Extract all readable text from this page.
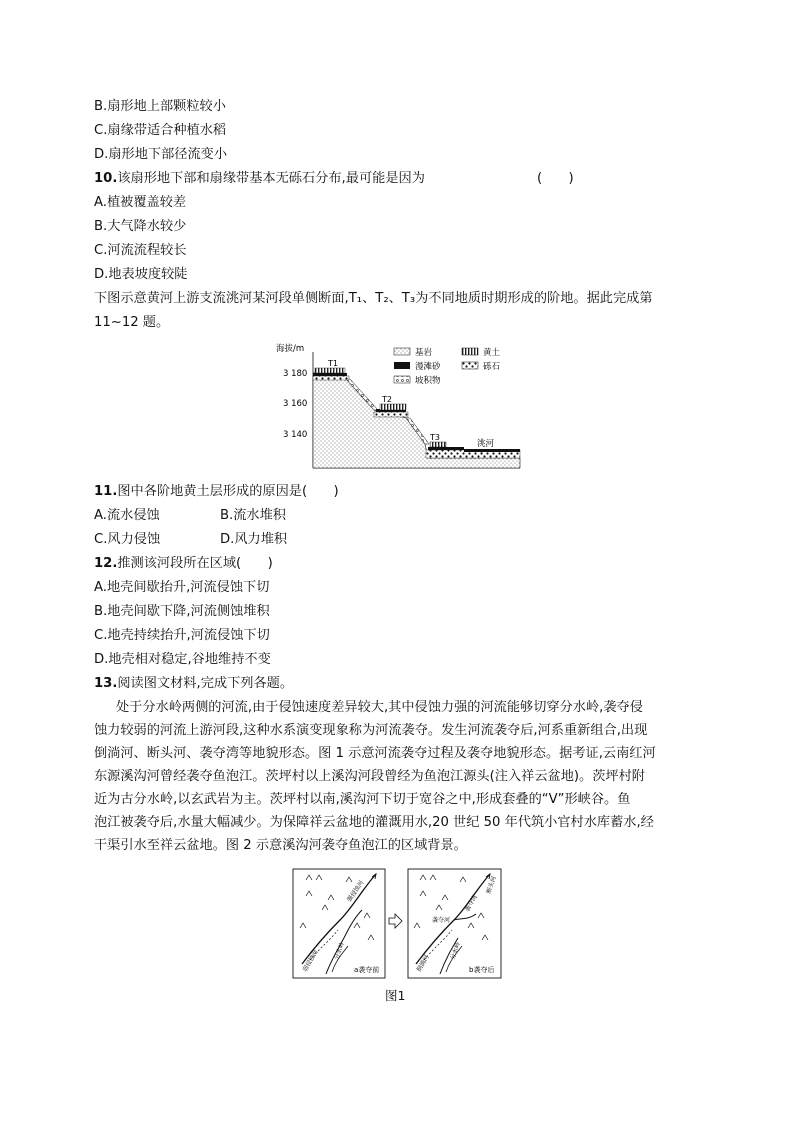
B.扇形地上部颗粒较小
C.扇缘带适合种植水稻
D.扇形地下部径流变小
10.该扇形地下部和扇缘带基本无砾石分布,最可能是因为	(　　)
A.植被覆盖较差
B.大气降水较少
C.河流流程较长
D.地表坡度较陡
下图示意黄河上游支流洮河某河段单侧断面,T₁、T₂、T₃为不同地质时期形成的阶地。据此完成第
11~12 题。
海拔/m
3 180
3 160
3 140
T1
T2
T3
洮河
基岩	黄土
漫滩砂	砾石
坡积物
11.图中各阶地黄土层形成的原因是(　　)
A.流水侵蚀	B.流水堆积
C.风力侵蚀	D.风力堆积
12.推测该河段所在区域(　　)
A.地壳间歇抬升,河流侵蚀下切
B.地壳间歇下降,河流侧蚀堆积
C.地壳持续抬升,河流侵蚀下切
D.地壳相对稳定,谷地维持不变
13.阅读图文材料,完成下列各题。
处于分水岭两侧的河流,由于侵蚀速度差异较大,其中侵蚀力强的河流能够切穿分水岭,袭夺侵
蚀力较弱的河流上游河段,这种水系演变现象称为河流袭夺。发生河流袭夺后,河系重新组合,出现
倒淌河、断头河、袭夺湾等地貌形态。图 1 示意河流袭夺过程及袭夺地貌形态。据考证,云南红河
东源溪沟河曾经袭夺鱼泡江。茨坪村以上溪沟河段曾经为鱼泡江源头(注入祥云盆地)。茨坪村附
近为古分水岭,以玄武岩为主。茨坪村以南,溪沟河下切于宽谷之中,形成套叠的“V”形峡谷。鱼
泡江被袭夺后,水量大幅减少。为保障祥云盆地的灌溉用水,20 世纪 50 年代筑小官村水库蓄水,经
干渠引水至祥云盆地。图 2 示意溪沟河袭夺鱼泡江的区域背景。
强侵蚀河
分水岭
弱侵蚀河	a袭夺前
袭夺河
袭夺湾
断头河
倒淌河
分水岭
b袭夺后
图1
